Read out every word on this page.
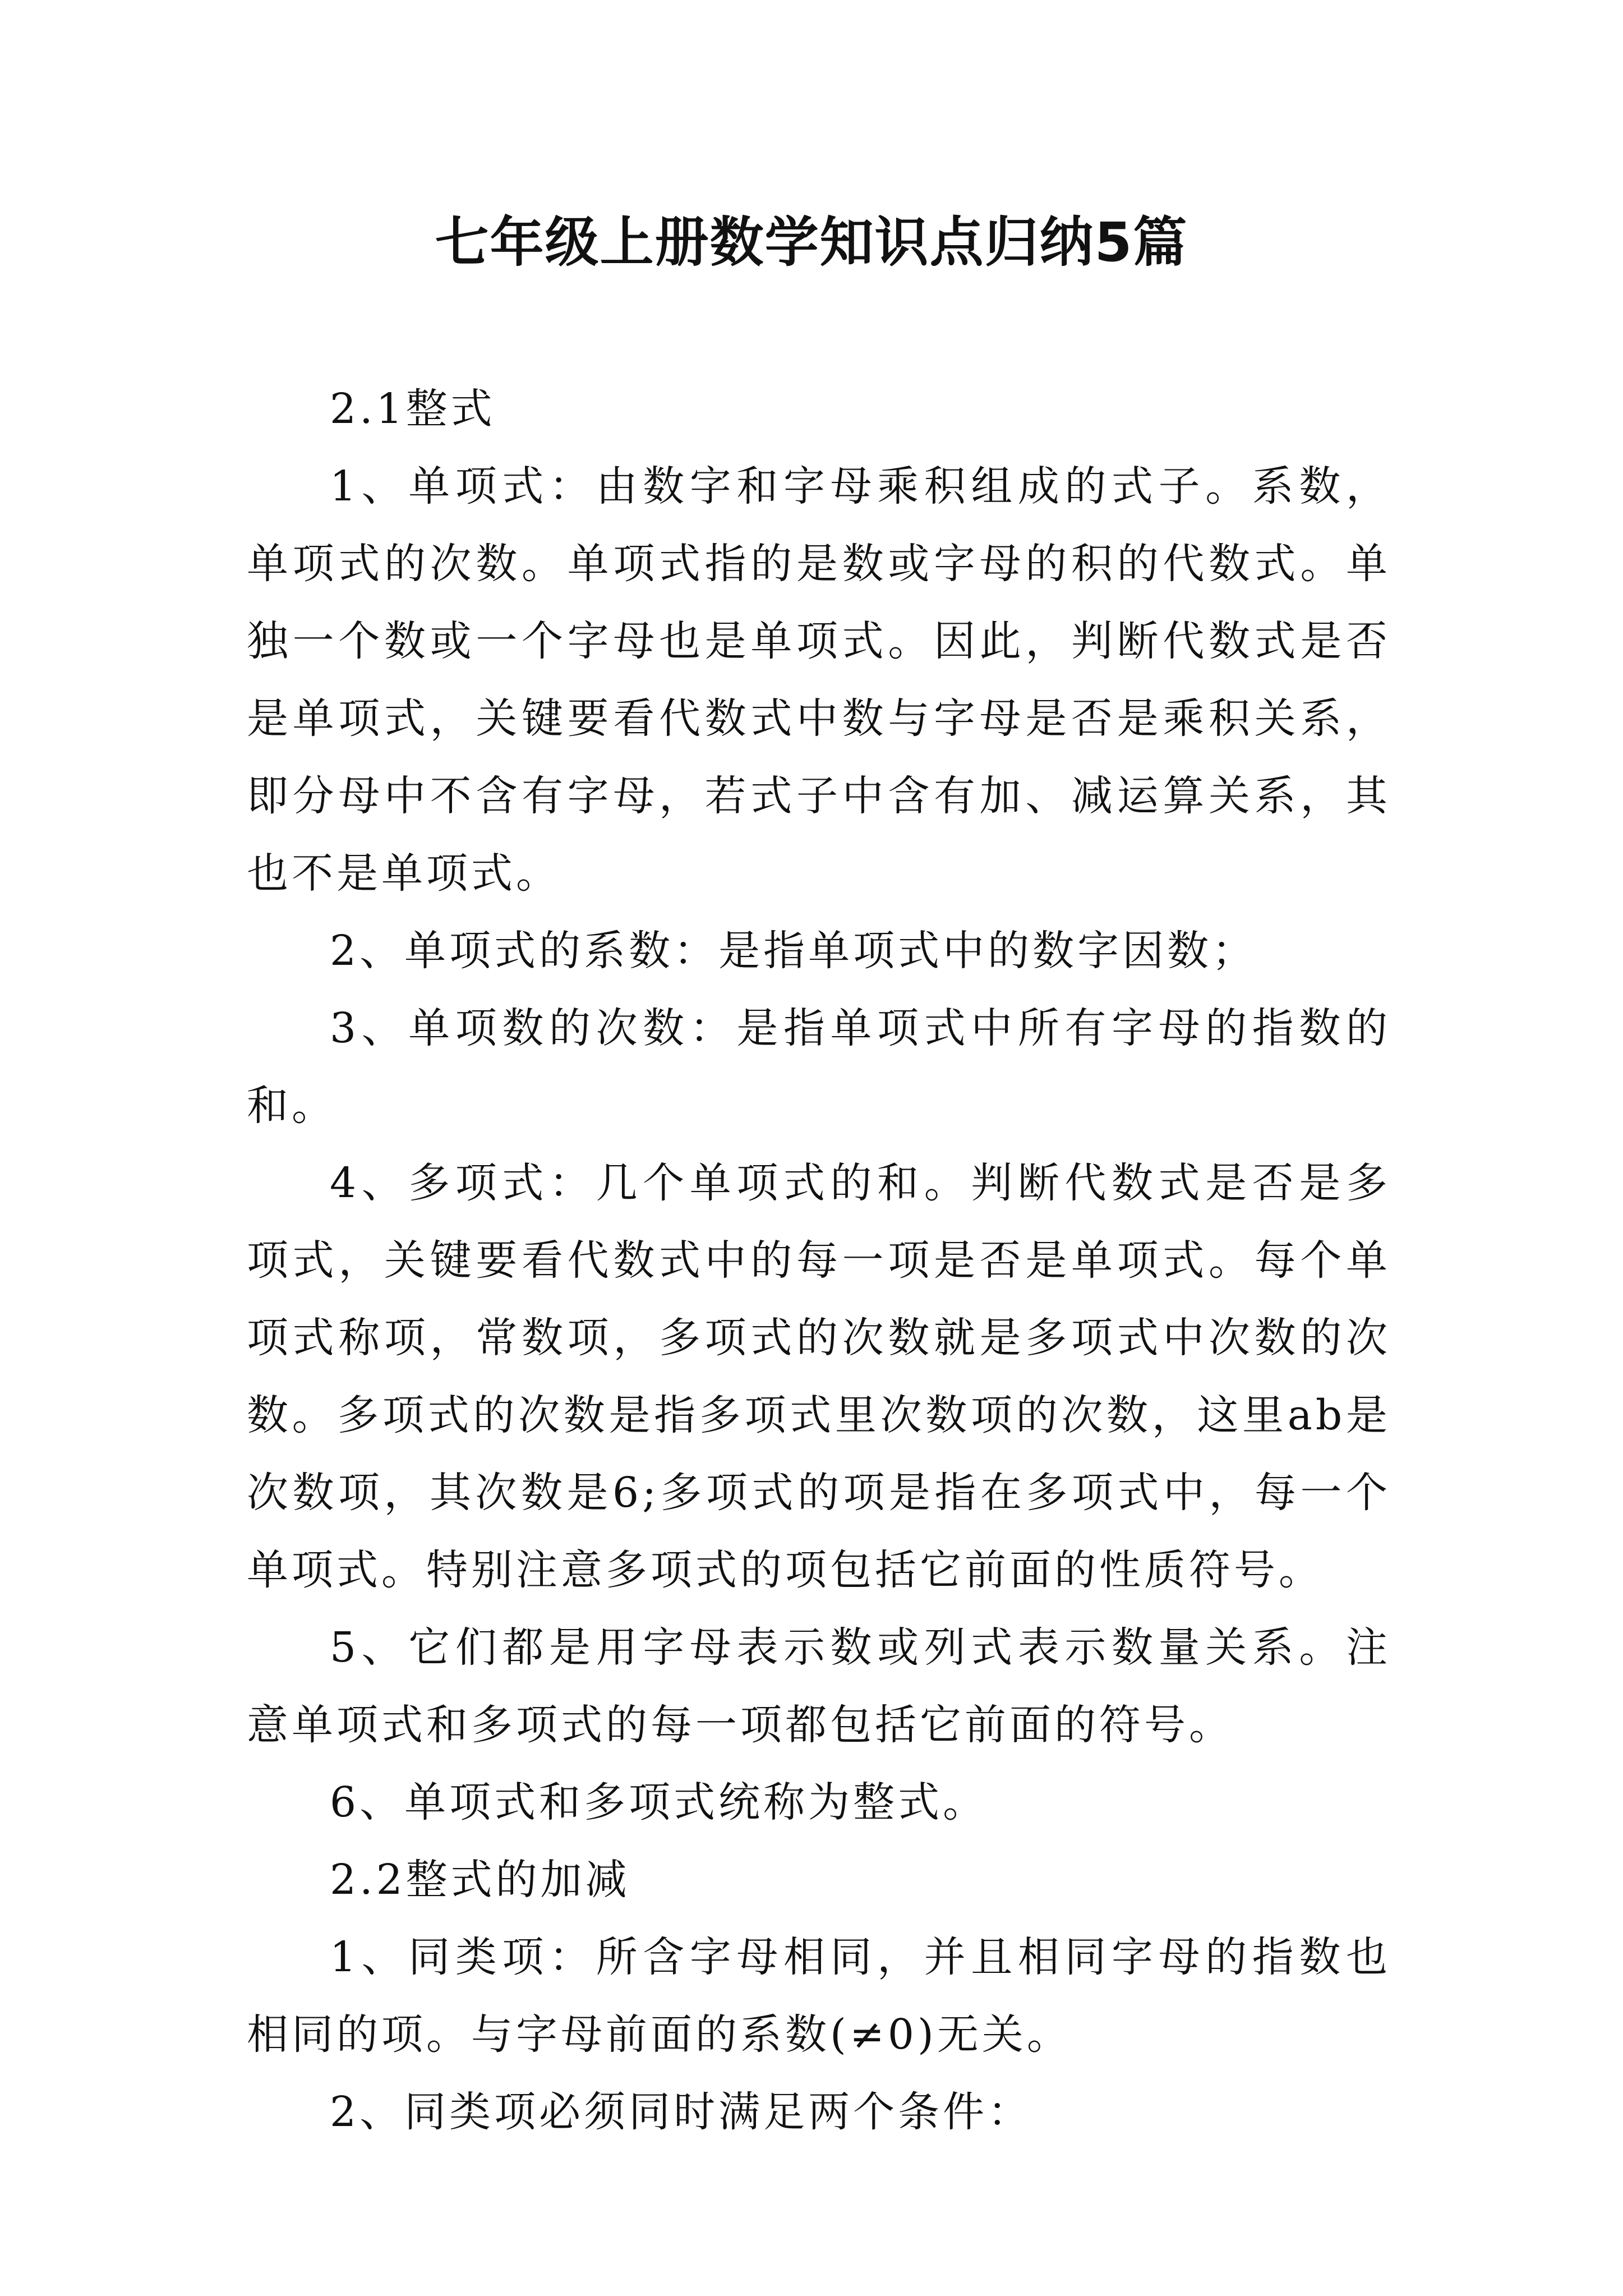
七年级上册数学知识点归纳5篇

2.1整式

1、单项式：由数字和字母乘积组成的式子。系数，单项式的次数。单项式指的是数或字母的积的代数式。单独一个数或一个字母也是单项式。因此，判断代数式是否是单项式，关键要看代数式中数与字母是否是乘积关系，即分母中不含有字母，若式子中含有加、减运算关系，其也不是单项式。

2、单项式的系数：是指单项式中的数字因数；

3、单项数的次数：是指单项式中所有字母的指数的和。

4、多项式：几个单项式的和。判断代数式是否是多项式，关键要看代数式中的每一项是否是单项式。每个单项式称项，常数项，多项式的次数就是多项式中次数的次数。多项式的次数是指多项式里次数项的次数，这里ab是次数项，其次数是6;多项式的项是指在多项式中，每一个单项式。特别注意多项式的项包括它前面的性质符号。

5、它们都是用字母表示数或列式表示数量关系。注意单项式和多项式的每一项都包括它前面的符号。

6、单项式和多项式统称为整式。

2.2整式的加减

1、同类项：所含字母相同，并且相同字母的指数也相同的项。与字母前面的系数(≠0)无关。

2、同类项必须同时满足两个条件：
